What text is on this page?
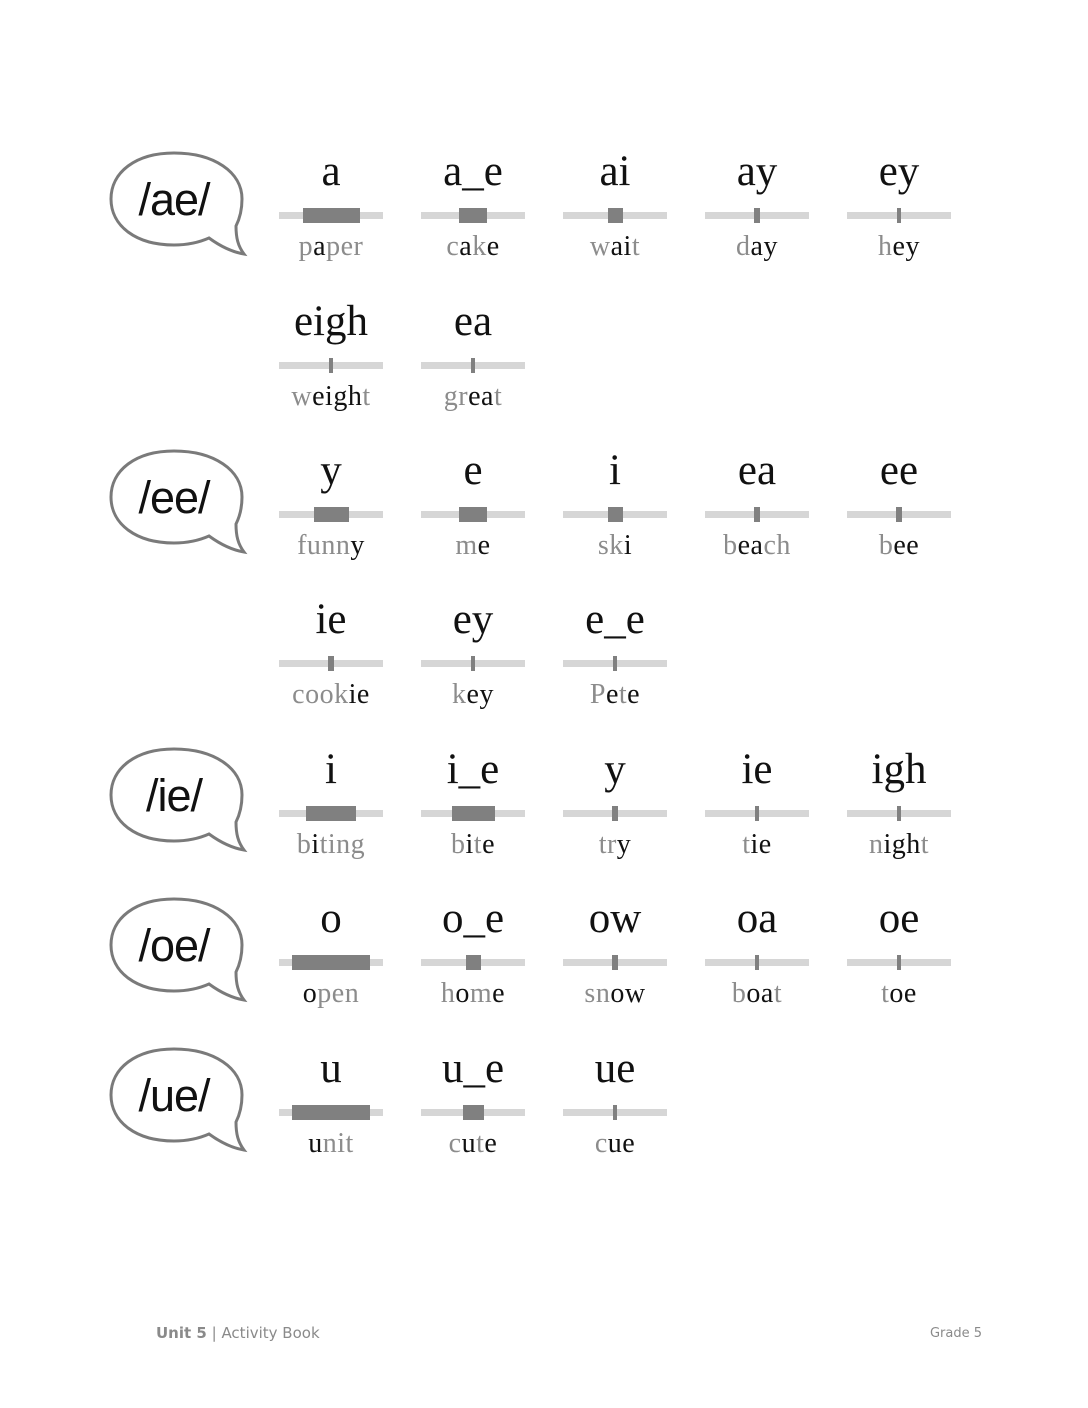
/ae/
a
paper
a_e
cake
ai
wait
ay
day
ey
hey
eigh
weight
ea
great
/ee/
y
funny
e
me
i
ski
ea
beach
ee
bee
ie
cookie
ey
key
e_e
Pete
/ie/
i
biting
i_e
bite
y
try
ie
tie
igh
night
/oe/
o
open
o_e
home
ow
snow
oa
boat
oe
toe
/ue/
u
unit
u_e
cute
ue
cue
Unit 5 | Activity Book	Grade 5
